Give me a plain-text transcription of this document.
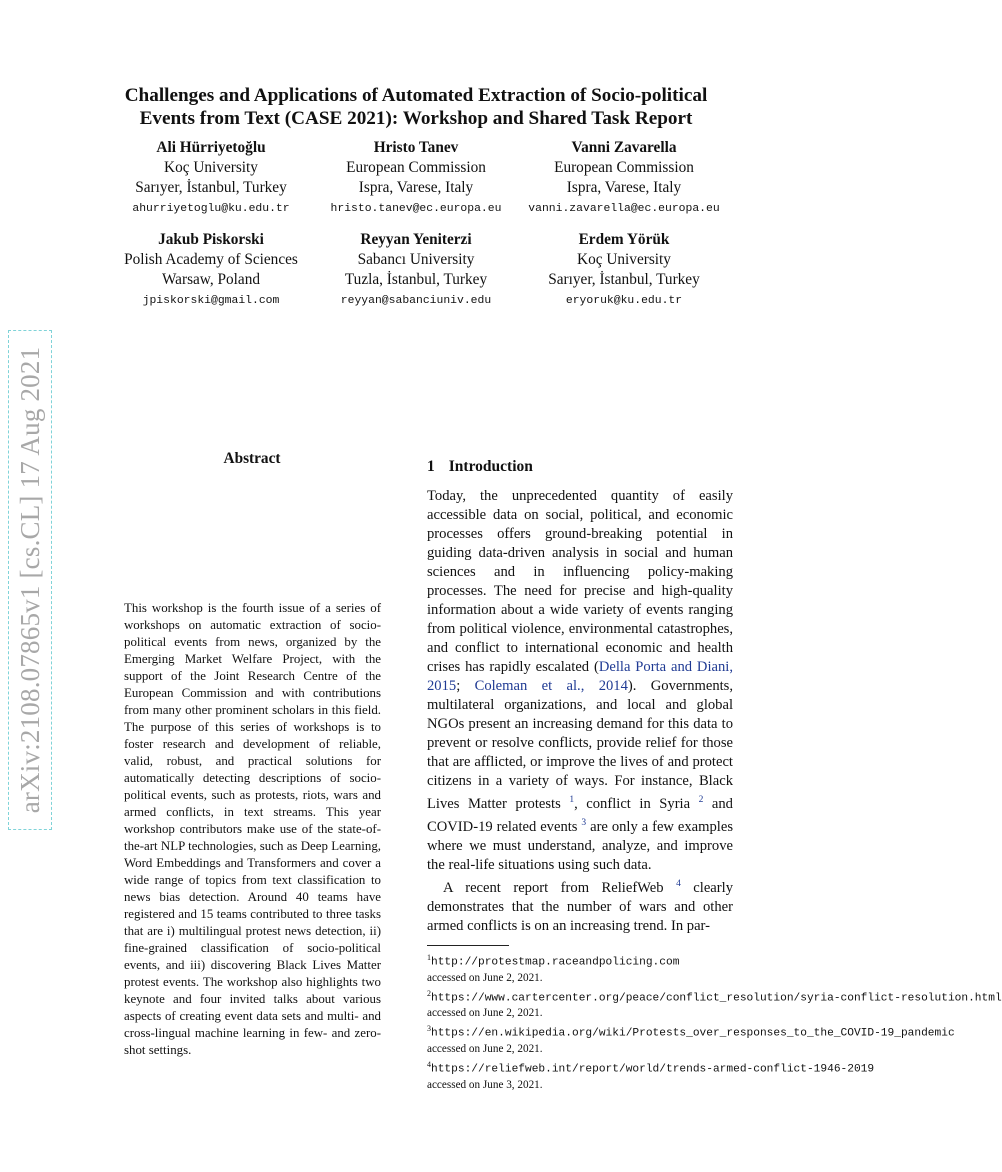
Challenges and Applications of Automated Extraction of Socio-political
Events from Text (CASE 2021): Workshop and Shared Task Report
Ali Hürriyetoğlu
Koç University
Sarıyer, İstanbul, Turkey
ahurriyetoglu@ku.edu.tr
Hristo Tanev
European Commission
Ispra, Varese, Italy
hristo.tanev@ec.europa.eu
Vanni Zavarella
European Commission
Ispra, Varese, Italy
vanni.zavarella@ec.europa.eu
Jakub Piskorski
Polish Academy of Sciences
Warsaw, Poland
jpiskorski@gmail.com
Reyyan Yeniterzi
Sabancı University
Tuzla, İstanbul, Turkey
reyyan@sabanciuniv.edu
Erdem Yörük
Koç University
Sarıyer, İstanbul, Turkey
eryoruk@ku.edu.tr
arXiv:2108.07865v1 [cs.CL] 17 Aug 2021	Abstract
This workshop is the fourth issue of a series of workshops on automatic extraction of socio-political events from news, organized by the Emerging Market Welfare Project, with the support of the Joint Research Centre of the European Commission and with contributions from many other prominent scholars in this field. The purpose of this series of workshops is to foster research and development of reliable, valid, robust, and practical solutions for automatically detecting descriptions of socio-political events, such as protests, riots, wars and armed conflicts, in text streams. This year workshop contributors make use of the state-of-the-art NLP technologies, such as Deep Learning, Word Embeddings and Transformers and cover a wide range of topics from text classification to news bias detection. Around 40 teams have registered and 15 teams contributed to three tasks that are i) multilingual protest news detection, ii) fine-grained classification of socio-political events, and iii) discovering Black Lives Matter protest events. The workshop also highlights two keynote and four invited talks about various aspects of creating event data sets and multi- and cross-lingual machine learning in few- and zero-shot settings.
1 Introduction

Today, the unprecedented quantity of easily accessible data on social, political, and economic processes offers ground-breaking potential in guiding data-driven analysis in social and human sciences and in influencing policy-making processes. The need for precise and high-quality information about a wide variety of events ranging from political violence, environmental catastrophes, and conflict to international economic and health crises has rapidly escalated (Della Porta and Diani, 2015; Coleman et al., 2014). Governments, multilateral organizations, and local and global NGOs present an increasing demand for this data to prevent or resolve conflicts, provide relief for those that are afflicted, or improve the lives of and protect citizens in a variety of ways. For instance, Black Lives Matter protests $^1$, conflict in Syria $^2$ and COVID-19 related events $^3$ are only a few examples where we must understand, analyze, and improve the real-life situations using such data.

A recent report from ReliefWeb $^4$ clearly demonstrates that the number of wars and other armed conflicts is on an increasing trend. In par-

$^1$http://protestmap.raceandpolicing.com
accessed on June 2, 2021.
$^2$https://www.cartercenter.org/peace/conflict_resolution/syria-conflict-resolution.html
accessed on June 2, 2021.
$^3$https://en.wikipedia.org/wiki/Protests_over_responses_to_the_COVID-19_pandemic
accessed on June 2, 2021.
$^4$https://reliefweb.int/report/world/trends-armed-conflict-1946-2019
accessed on June 3, 2021.
